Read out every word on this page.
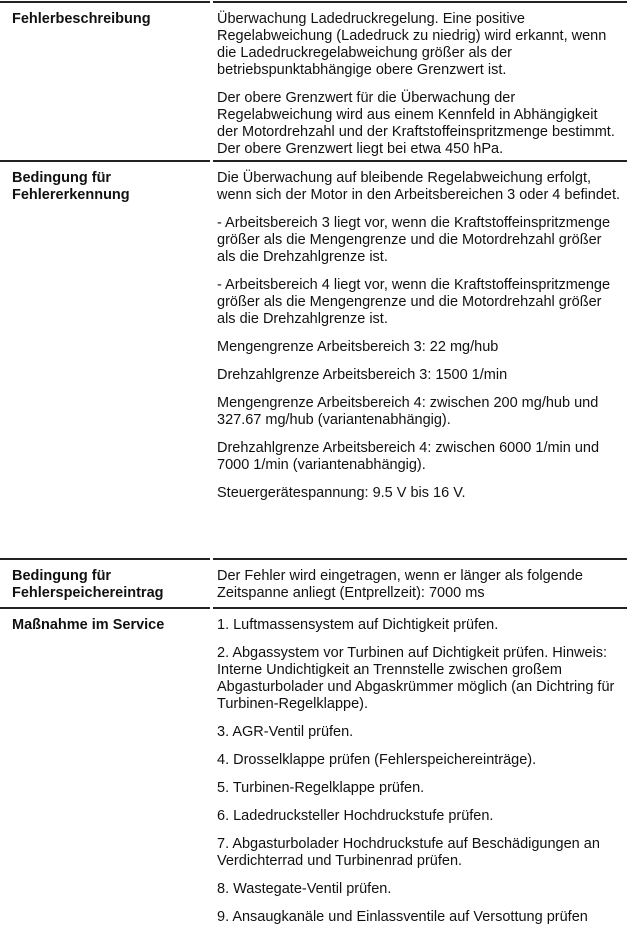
Fehlerbeschreibung	Überwachung Ladedruckregelung. Eine positive Regelabweichung (Ladedruck zu niedrig) wird erkannt, wenn die Ladedruckregelabweichung größer als der betriebspunktabhängige obere Grenzwert ist.

Der obere Grenzwert für die Überwachung der Regelabweichung wird aus einem Kennfeld in Abhängigkeit der Motordrehzahl und der Kraftstoffeinspritzmenge bestimmt. Der obere Grenzwert liegt bei etwa 450 hPa.

Bedingung für
Fehlererkennung

Die Überwachung auf bleibende Regelabweichung erfolgt, wenn sich der Motor in den Arbeitsbereichen 3 oder 4 befindet.

- Arbeitsbereich 3 liegt vor, wenn die Kraftstoffeinspritzmenge größer als die Mengengrenze und die Motordrehzahl größer als die Drehzahlgrenze ist.

- Arbeitsbereich 4 liegt vor, wenn die Kraftstoffeinspritzmenge größer als die Mengengrenze und die Motordrehzahl größer als die Drehzahlgrenze ist.

Mengengrenze Arbeitsbereich 3: 22 mg/hub

Drehzahlgrenze Arbeitsbereich 3: 1500 1/min

Mengengrenze Arbeitsbereich 4: zwischen 200 mg/hub und 327.67 mg/hub (variantenabhängig).

Drehzahlgrenze Arbeitsbereich 4: zwischen 6000 1/min und 7000 1/min (variantenabhängig).

Steuergerätespannung: 9.5 V bis 16 V.

Bedingung für
Fehlerspeichereintrag

Der Fehler wird eingetragen, wenn er länger als folgende Zeitspanne anliegt (Entprellzeit): 7000 ms

Maßnahme im Service	1. Luftmassensystem auf Dichtigkeit prüfen.

2. Abgassystem vor Turbinen auf Dichtigkeit prüfen. Hinweis: Interne Undichtigkeit an Trennstelle zwischen großem Abgasturbolader und Abgaskrümmer möglich (an Dichtring für Turbinen-Regelklappe).

3. AGR-Ventil prüfen.

4. Drosselklappe prüfen (Fehlerspeichereinträge).

5. Turbinen-Regelklappe prüfen.

6. Ladedrucksteller Hochdruckstufe prüfen.

7. Abgasturbolader Hochdruckstufe auf Beschädigungen an Verdichterrad und Turbinenrad prüfen.

8. Wastegate-Ventil prüfen.

9. Ansaugkanäle und Einlassventile auf Versottung prüfen
